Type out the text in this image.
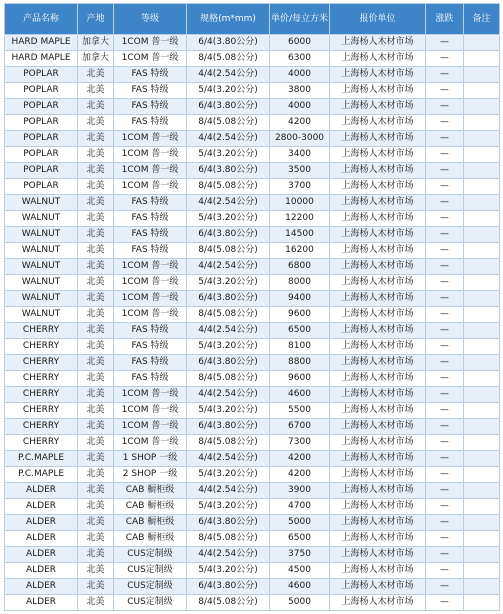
产品名称	产地	等级	规格(m*mm)	单价/每立方米	报价单位	涨跌	备注
HARD MAPLE	加拿大	1COM 普一级	6/4(3.80公分)	6000	上海杨人木材市场	—	
HARD MAPLE	加拿大	1COM 普一级	8/4(5.08公分)	6300	上海杨人木材市场	—	
POPLAR	北美	FAS 特级	4/4(2.54公分)	4000	上海杨人木材市场	—	
POPLAR	北美	FAS 特级	5/4(3.20公分)	3800	上海杨人木材市场	—	
POPLAR	北美	FAS 特级	6/4(3.80公分)	4000	上海杨人木材市场	—	
POPLAR	北美	FAS 特级	8/4(5.08公分)	4200	上海杨人木材市场	—	
POPLAR	北美	1COM 普一级	4/4(2.54公分)	2800-3000	上海杨人木材市场	—	
POPLAR	北美	1COM 普一级	5/4(3.20公分)	3400	上海杨人木材市场	—	
POPLAR	北美	1COM 普一级	6/4(3.80公分)	3500	上海杨人木材市场	—	
POPLAR	北美	1COM 普一级	8/4(5.08公分)	3700	上海杨人木材市场	—	
WALNUT	北美	FAS 特级	4/4(2.54公分)	10000	上海杨人木材市场	—	
WALNUT	北美	FAS 特级	5/4(3.20公分)	12200	上海杨人木材市场	—	
WALNUT	北美	FAS 特级	6/4(3.80公分)	14500	上海杨人木材市场	—	
WALNUT	北美	FAS 特级	8/4(5.08公分)	16200	上海杨人木材市场	—	
WALNUT	北美	1COM 普一级	4/4(2.54公分)	6800	上海杨人木材市场	—	
WALNUT	北美	1COM 普一级	5/4(3.20公分)	8000	上海杨人木材市场	—	
WALNUT	北美	1COM 普一级	6/4(3.80公分)	9400	上海杨人木材市场	—	
WALNUT	北美	1COM 普一级	8/4(5.08公分)	9600	上海杨人木材市场	—	
CHERRY	北美	FAS 特级	4/4(2.54公分)	6500	上海杨人木材市场	—	
CHERRY	北美	FAS 特级	5/4(3.20公分)	8100	上海杨人木材市场	—	
CHERRY	北美	FAS 特级	6/4(3.80公分)	8800	上海杨人木材市场	—	
CHERRY	北美	FAS 特级	8/4(5.08公分)	9600	上海杨人木材市场	—	
CHERRY	北美	1COM 普一级	4/4(2.54公分)	4600	上海杨人木材市场	—	
CHERRY	北美	1COM 普一级	5/4(3.20公分)	5500	上海杨人木材市场	—	
CHERRY	北美	1COM 普一级	6/4(3.80公分)	6700	上海杨人木材市场	—	
CHERRY	北美	1COM 普一级	8/4(5.08公分)	7300	上海杨人木材市场	—	
P.C.MAPLE	北美	1 SHOP 一级	4/4(2.54公分)	4200	上海杨人木材市场	—	
P.C.MAPLE	北美	2 SHOP 一级	5/4(3.20公分)	4200	上海杨人木材市场	—	
ALDER	北美	CAB 橱柜级	4/4(2.54公分)	3900	上海杨人木材市场	—	
ALDER	北美	CAB 橱柜级	5/4(3.20公分)	4700	上海杨人木材市场	—	
ALDER	北美	CAB 橱柜级	6/4(3.80公分)	5000	上海杨人木材市场	—	
ALDER	北美	CAB 橱柜级	8/4(5.08公分)	6500	上海杨人木材市场	—	
ALDER	北美	CUS定制级	4/4(2.54公分)	3750	上海杨人木材市场	—	
ALDER	北美	CUS定制级	5/4(3.20公分)	4500	上海杨人木材市场	—	
ALDER	北美	CUS定制级	6/4(3.80公分)	4600	上海杨人木材市场	—	
ALDER	北美	CUS定制级	8/4(5.08公分)	5000	上海杨人木材市场	—	
